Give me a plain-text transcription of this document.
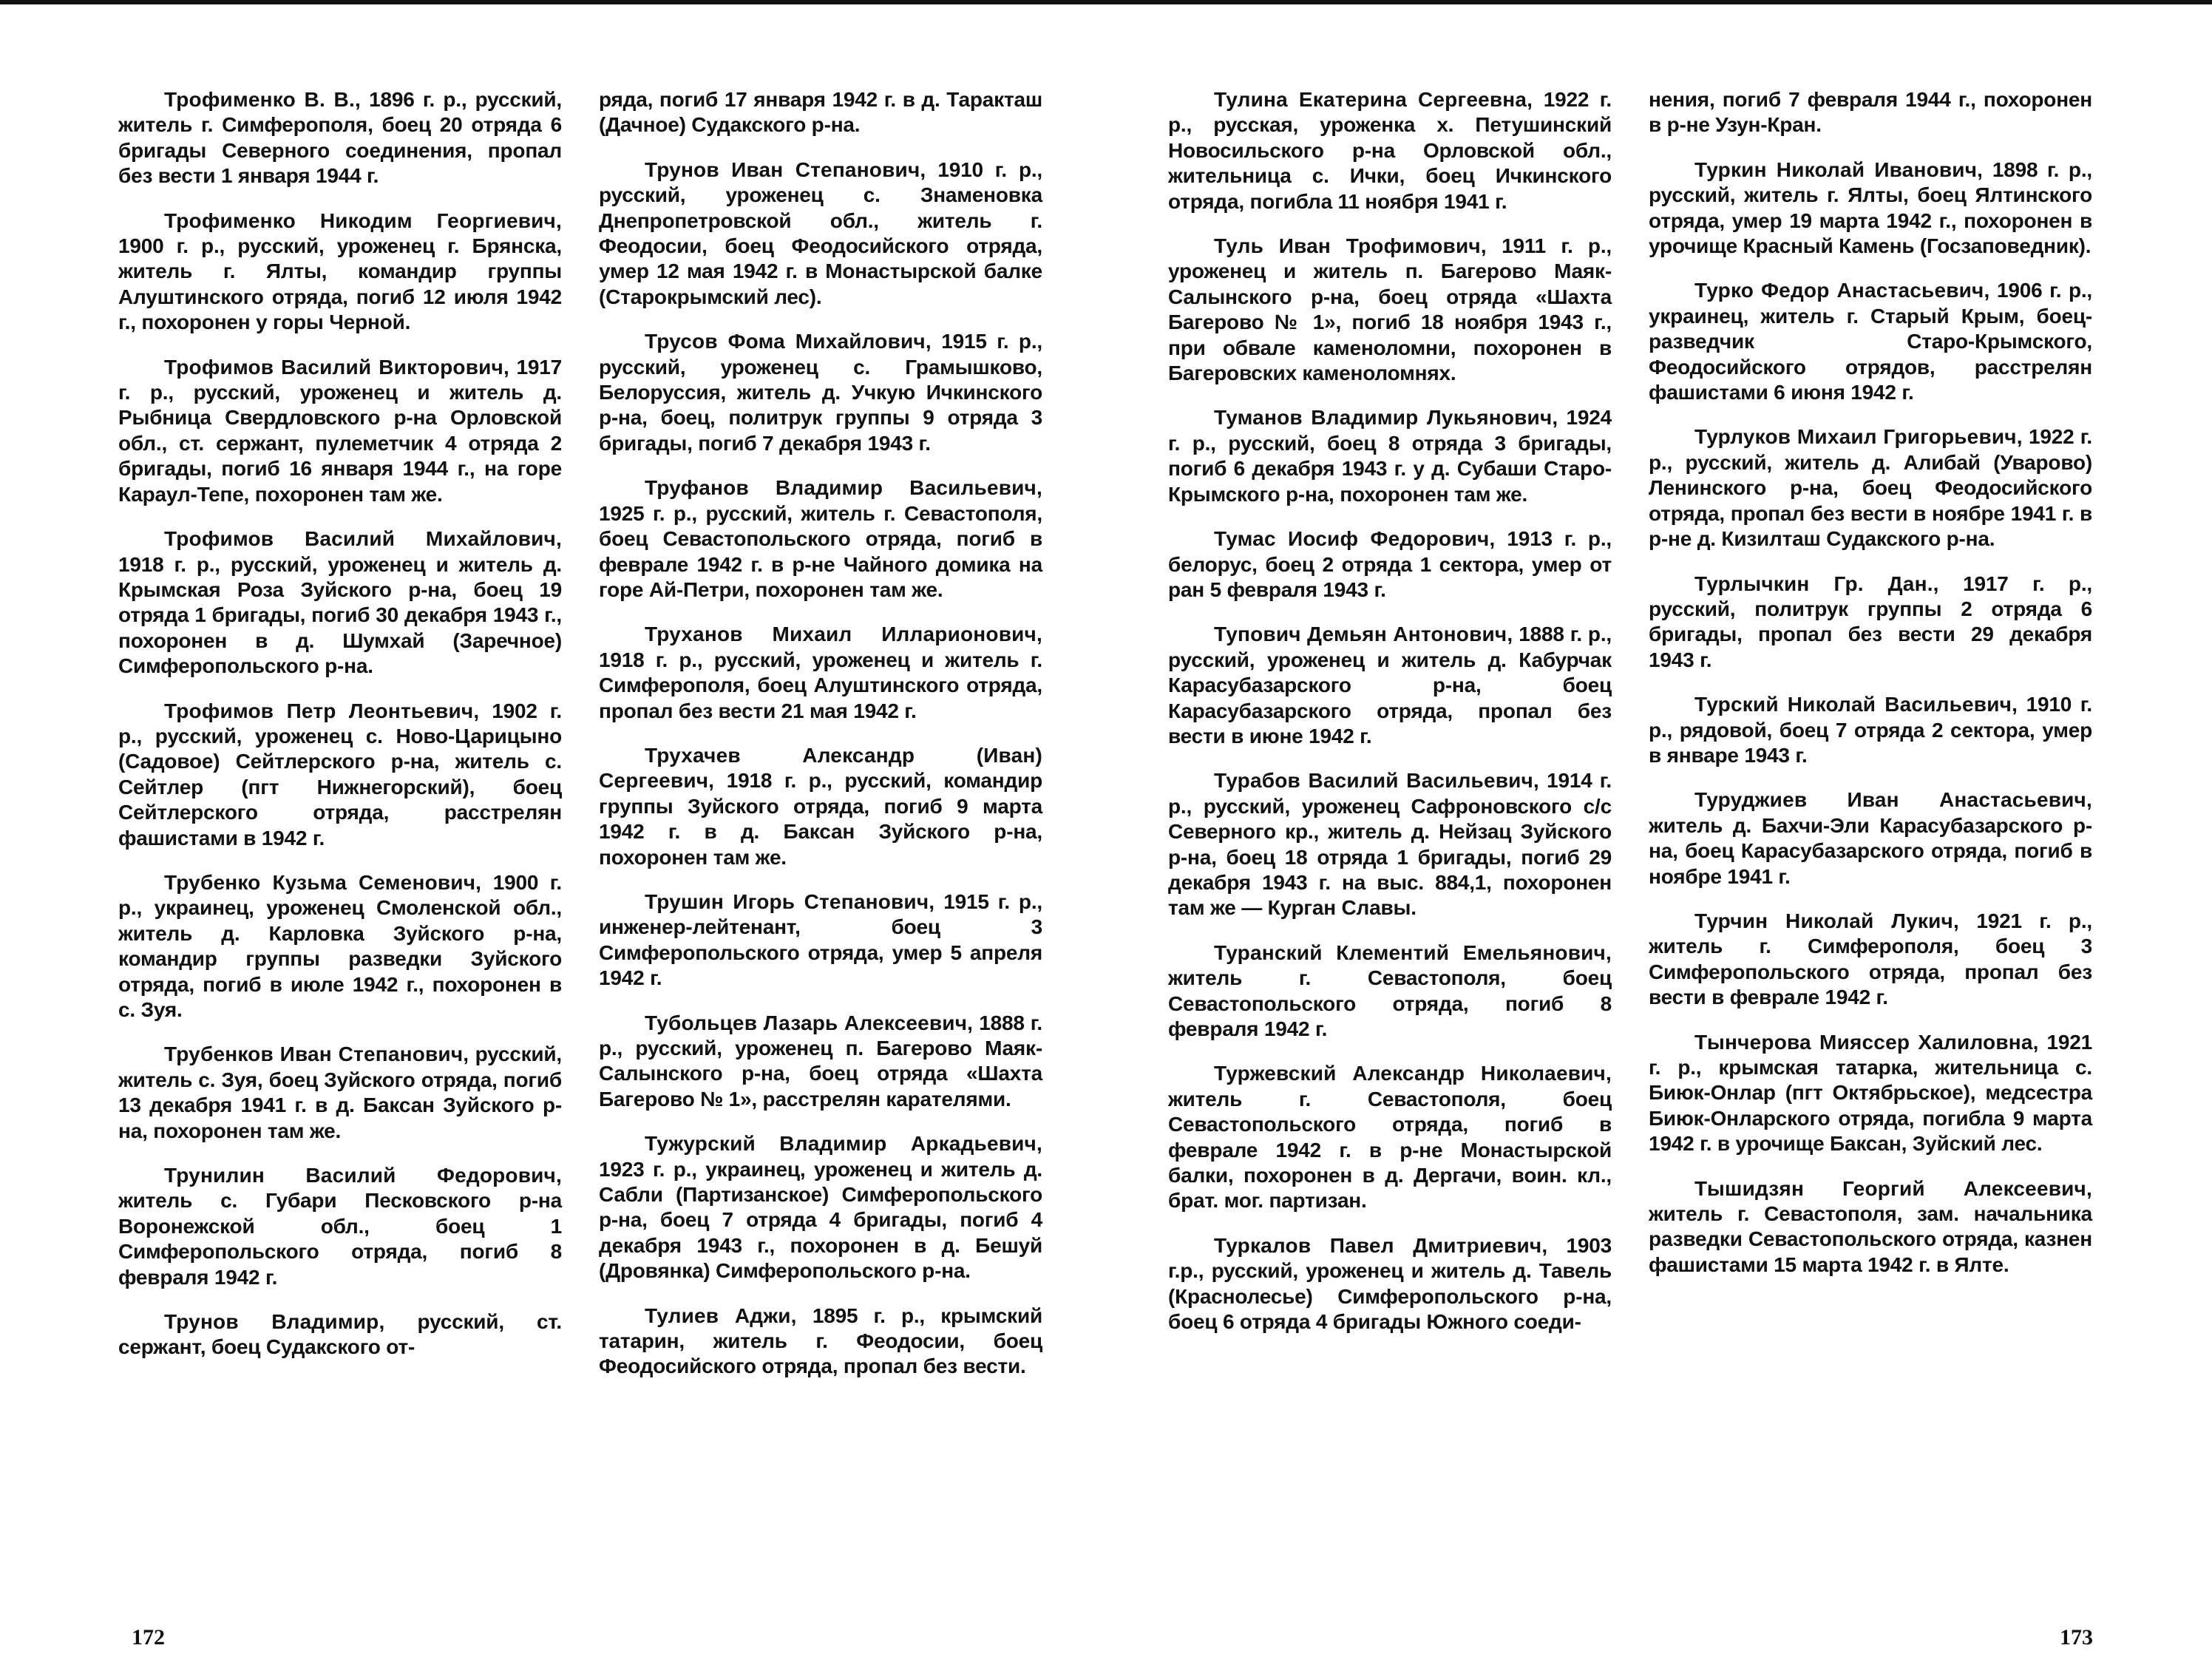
Трофименко В. В., 1896 г. р., русский, житель г. Симферополя, боец 20 отряда 6 бригады Северного соединения, пропал без вести 1 января 1944 г.

Трофименко Никодим Георгиевич, 1900 г. р., русский, уроженец г. Брянска, житель г. Ялты, командир группы Алуштинского отряда, погиб 12 июля 1942 г., похоронен у горы Черной.

Трофимов Василий Викторович, 1917 г. р., русский, уроженец и житель д. Рыбница Свердловского р-на Орловской обл., ст. сержант, пулеметчик 4 отряда 2 бригады, погиб 16 января 1944 г., на горе Караул-Тепе, похоронен там же.

Трофимов Василий Михайлович, 1918 г. р., русский, уроженец и житель д. Крымская Роза Зуйского р-на, боец 19 отряда 1 бригады, погиб 30 декабря 1943 г., похоронен в д. Шумхай (Заречное) Симферопольского р-на.

Трофимов Петр Леонтьевич, 1902 г. р., русский, уроженец с. Ново-Царицыно (Садовое) Сейтлерского р-на, житель с. Сейтлер (пгт Нижнегорский), боец Сейтлерского отряда, расстрелян фашистами в 1942 г.

Трубенко Кузьма Семенович, 1900 г. р., украинец, уроженец Смоленской обл., житель д. Карловка Зуйского р-на, командир группы разведки Зуйского отряда, погиб в июле 1942 г., похоронен в с. Зуя.

Трубенков Иван Степанович, русский, житель с. Зуя, боец Зуйского отряда, погиб 13 декабря 1941 г. в д. Баксан Зуйского р-на, похоронен там же.

Трунилин Василий Федорович, житель с. Губари Песковского р-на Воронежской обл., боец 1 Симферопольского отряда, погиб 8 февраля 1942 г.

Трунов Владимир, русский, ст. сержант, боец Судакского от-

ряда, погиб 17 января 1942 г. в д. Таракташ (Дачное) Судакского р-на.

Трунов Иван Степанович, 1910 г. р., русский, уроженец с. Знаменовка Днепропетровской обл., житель г. Феодосии, боец Феодосийского отряда, умер 12 мая 1942 г. в Монастырской балке (Старокрымский лес).

Трусов Фома Михайлович, 1915 г. р., русский, уроженец с. Грамышково, Белоруссия, житель д. Учкую Ичкинского р-на, боец, политрук группы 9 отряда 3 бригады, погиб 7 декабря 1943 г.

Труфанов Владимир Васильевич, 1925 г. р., русский, житель г. Севастополя, боец Севастопольского отряда, погиб в феврале 1942 г. в р-не Чайного домика на горе Ай-Петри, похоронен там же.

Труханов Михаил Илларионович, 1918 г. р., русский, уроженец и житель г. Симферополя, боец Алуштинского отряда, пропал без вести 21 мая 1942 г.

Трухачев Александр (Иван) Сергеевич, 1918 г. р., русский, командир группы Зуйского отряда, погиб 9 марта 1942 г. в д. Баксан Зуйского р-на, похоронен там же.

Трушин Игорь Степанович, 1915 г. р., инженер-лейтенант, боец 3 Симферопольского отряда, умер 5 апреля 1942 г.

Тубольцев Лазарь Алексеевич, 1888 г. р., русский, уроженец п. Багерово Маяк-Салынского р-на, боец отряда «Шахта Багерово № 1», расстрелян карателями.

Тужурский Владимир Аркадьевич, 1923 г. р., украинец, уроженец и житель д. Сабли (Партизанское) Симферопольского р-на, боец 7 отряда 4 бригады, погиб 4 декабря 1943 г., похоронен в д. Бешуй (Дровянка) Симферопольского р-на.

Тулиев Аджи, 1895 г. р., крымский татарин, житель г. Феодосии, боец Феодосийского отряда, пропал без вести.

Тулина Екатерина Сергеевна, 1922 г. р., русская, уроженка х. Петушинский Новосильского р-на Орловской обл., жительница с. Ички, боец Ичкинского отряда, погибла 11 ноября 1941 г.

Туль Иван Трофимович, 1911 г. р., уроженец и житель п. Багерово Маяк-Салынского р-на, боец отряда «Шахта Багерово № 1», погиб 18 ноября 1943 г., при обвале каменоломни, похоронен в Багеровских каменоломнях.

Туманов Владимир Лукьянович, 1924 г. р., русский, боец 8 отряда 3 бригады, погиб 6 декабря 1943 г. у д. Субаши Старо-Крымского р-на, похоронен там же.

Тумас Иосиф Федорович, 1913 г. р., белорус, боец 2 отряда 1 сектора, умер от ран 5 февраля 1943 г.

Тупович Демьян Антонович, 1888 г. р., русский, уроженец и житель д. Кабурчак Карасубазарского р-на, боец Карасубазарского отряда, пропал без вести в июне 1942 г.

Турабов Василий Васильевич, 1914 г. р., русский, уроженец Сафроновского с/с Северного кр., житель д. Нейзац Зуйского р-на, боец 18 отряда 1 бригады, погиб 29 декабря 1943 г. на выс. 884,1, похоронен там же — Курган Славы.

Туранский Клементий Емельянович, житель г. Севастополя, боец Севастопольского отряда, погиб 8 февраля 1942 г.

Туржевский Александр Николаевич, житель г. Севастополя, боец Севастопольского отряда, погиб в феврале 1942 г. в р-не Монастырской балки, похоронен в д. Дергачи, воин. кл., брат. мог. партизан.

Туркалов Павел Дмитриевич, 1903 г.р., русский, уроженец и житель д. Тавель (Краснолесье) Симферопольского р-на, боец 6 отряда 4 бригады Южного соеди-

нения, погиб 7 февраля 1944 г., похоронен в р-не Узун-Кран.

Туркин Николай Иванович, 1898 г. р., русский, житель г. Ялты, боец Ялтинского отряда, умер 19 марта 1942 г., похоронен в урочище Красный Камень (Госзаповедник).

Турко Федор Анастасьевич, 1906 г. р., украинец, житель г. Старый Крым, боец-разведчик Старо-Крымского, Феодосийского отрядов, расстрелян фашистами 6 июня 1942 г.

Турлуков Михаил Григорьевич, 1922 г. р., русский, житель д. Алибай (Уварово) Ленинского р-на, боец Феодосийского отряда, пропал без вести в ноябре 1941 г. в р-не д. Кизилташ Судакского р-на.

Турлычкин Гр. Дан., 1917 г. р., русский, политрук группы 2 отряда 6 бригады, пропал без вести 29 декабря 1943 г.

Турский Николай Васильевич, 1910 г. р., рядовой, боец 7 отряда 2 сектора, умер в январе 1943 г.

Туруджиев Иван Анастасьевич, житель д. Бахчи-Эли Карасубазарского р-на, боец Карасубазарского отряда, погиб в ноябре 1941 г.

Турчин Николай Лукич, 1921 г. р., житель г. Симферополя, боец 3 Симферопольского отряда, пропал без вести в феврале 1942 г.

Тынчерова Мияссер Халиловна, 1921 г. р., крымская татарка, жительница с. Биюк-Онлар (пгт Октябрьское), медсестра Биюк-Онларского отряда, погибла 9 марта 1942 г. в урочище Баксан, Зуйский лес.

Тышидзян Георгий Алексеевич, житель г. Севастополя, зам. начальника разведки Севастопольского отряда, казнен фашистами 15 марта 1942 г. в Ялте.

172	173
